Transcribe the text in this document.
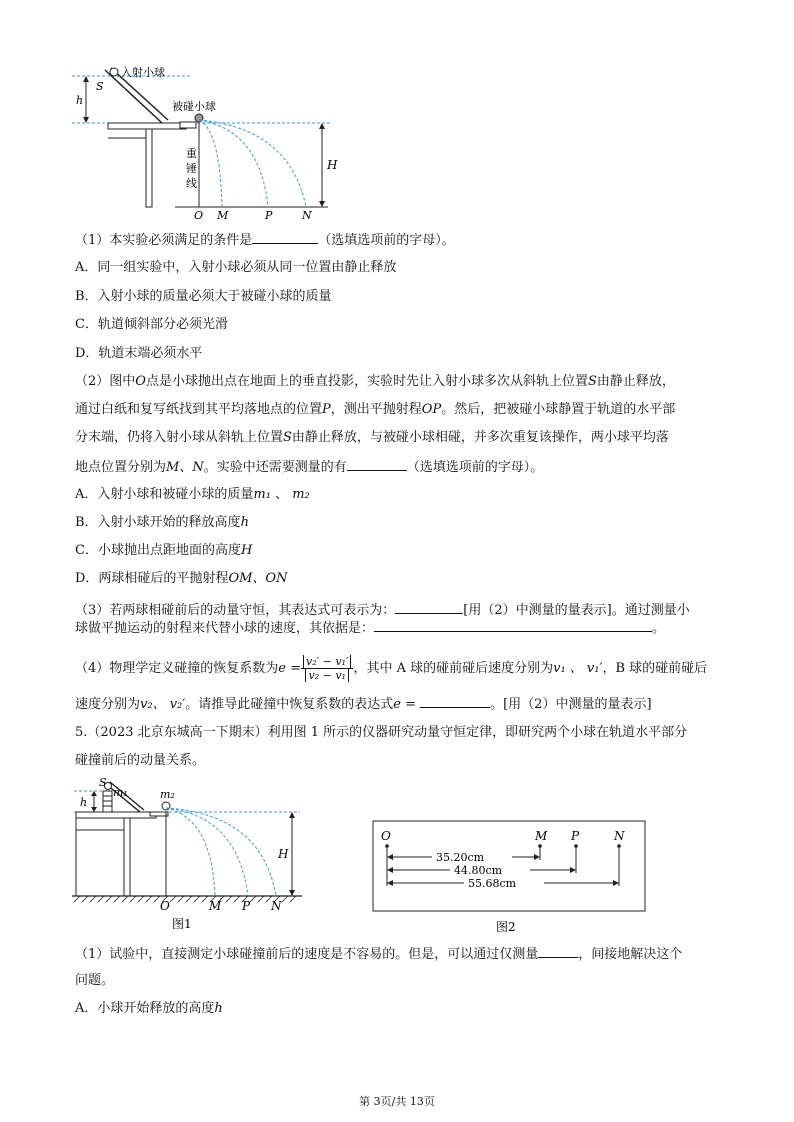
入射小球
S
h	被碰小球
重
锤
线
H
O M	P	N
（1）本实验必须满足的条件是	（选填选项前的字母）。
A．同一组实验中，入射小球必须从同一位置由静止释放
B．入射小球的质量必须大于被碰小球的质量
C．轨道倾斜部分必须光滑
D．轨道末端必须水平
（2）图中O点是小球抛出点在地面上的垂直投影，实验时先让入射小球多次从斜轨上位置S由静止释放，
通过白纸和复写纸找到其平均落地点的位置P，测出平抛射程OP。然后，把被碰小球静置于轨道的水平部
分末端，仍将入射小球从斜轨上位置S由静止释放，与被碰小球相碰，并多次重复该操作，两小球平均落
地点位置分别为M、N。实验中还需要测量的有	（选填选项前的字母）。
A．入射小球和被碰小球的质量m₁ 、 m₂
B．入射小球开始的释放高度h
C．小球抛出点距地面的高度H
D．两球相碰后的平抛射程OM、ON
（3）若两球相碰前后的动量守恒，其表达式可表示为：	[用（2）中测量的量表示]。通过测量小
球做平抛运动的射程来代替小球的速度，其依据是：	。
（4）物理学定义碰撞的恢复系数为$e = \frac{\text{v₂′ − v₁′}}{\text{v₂ − v₁}}$ ，其中 A 球的碰前碰后速度分别为v₁ 、 v₁′，B 球的碰前碰后
速度分别为v₂、 v₂′。请推导此碰撞中恢复系数的表达式e =	。[用（2）中测量的量表示]
5.（2023 北京东城高一下期末）利用图 1 所示的仪器研究动量守恒定律，即研究两个小球在轨道水平部分
碰撞前后的动量关系。
S
m₁
h
m₂
H
O	M P N
图1
O	M P	N
35.20cm
44.80cm
55.68cm
图2
（1）试验中，直接测定小球碰撞前后的速度是不容易的。但是，可以通过仅测量	，间接地解决这个
问题。
A．小球开始释放的高度h
第 3页/共 13页
